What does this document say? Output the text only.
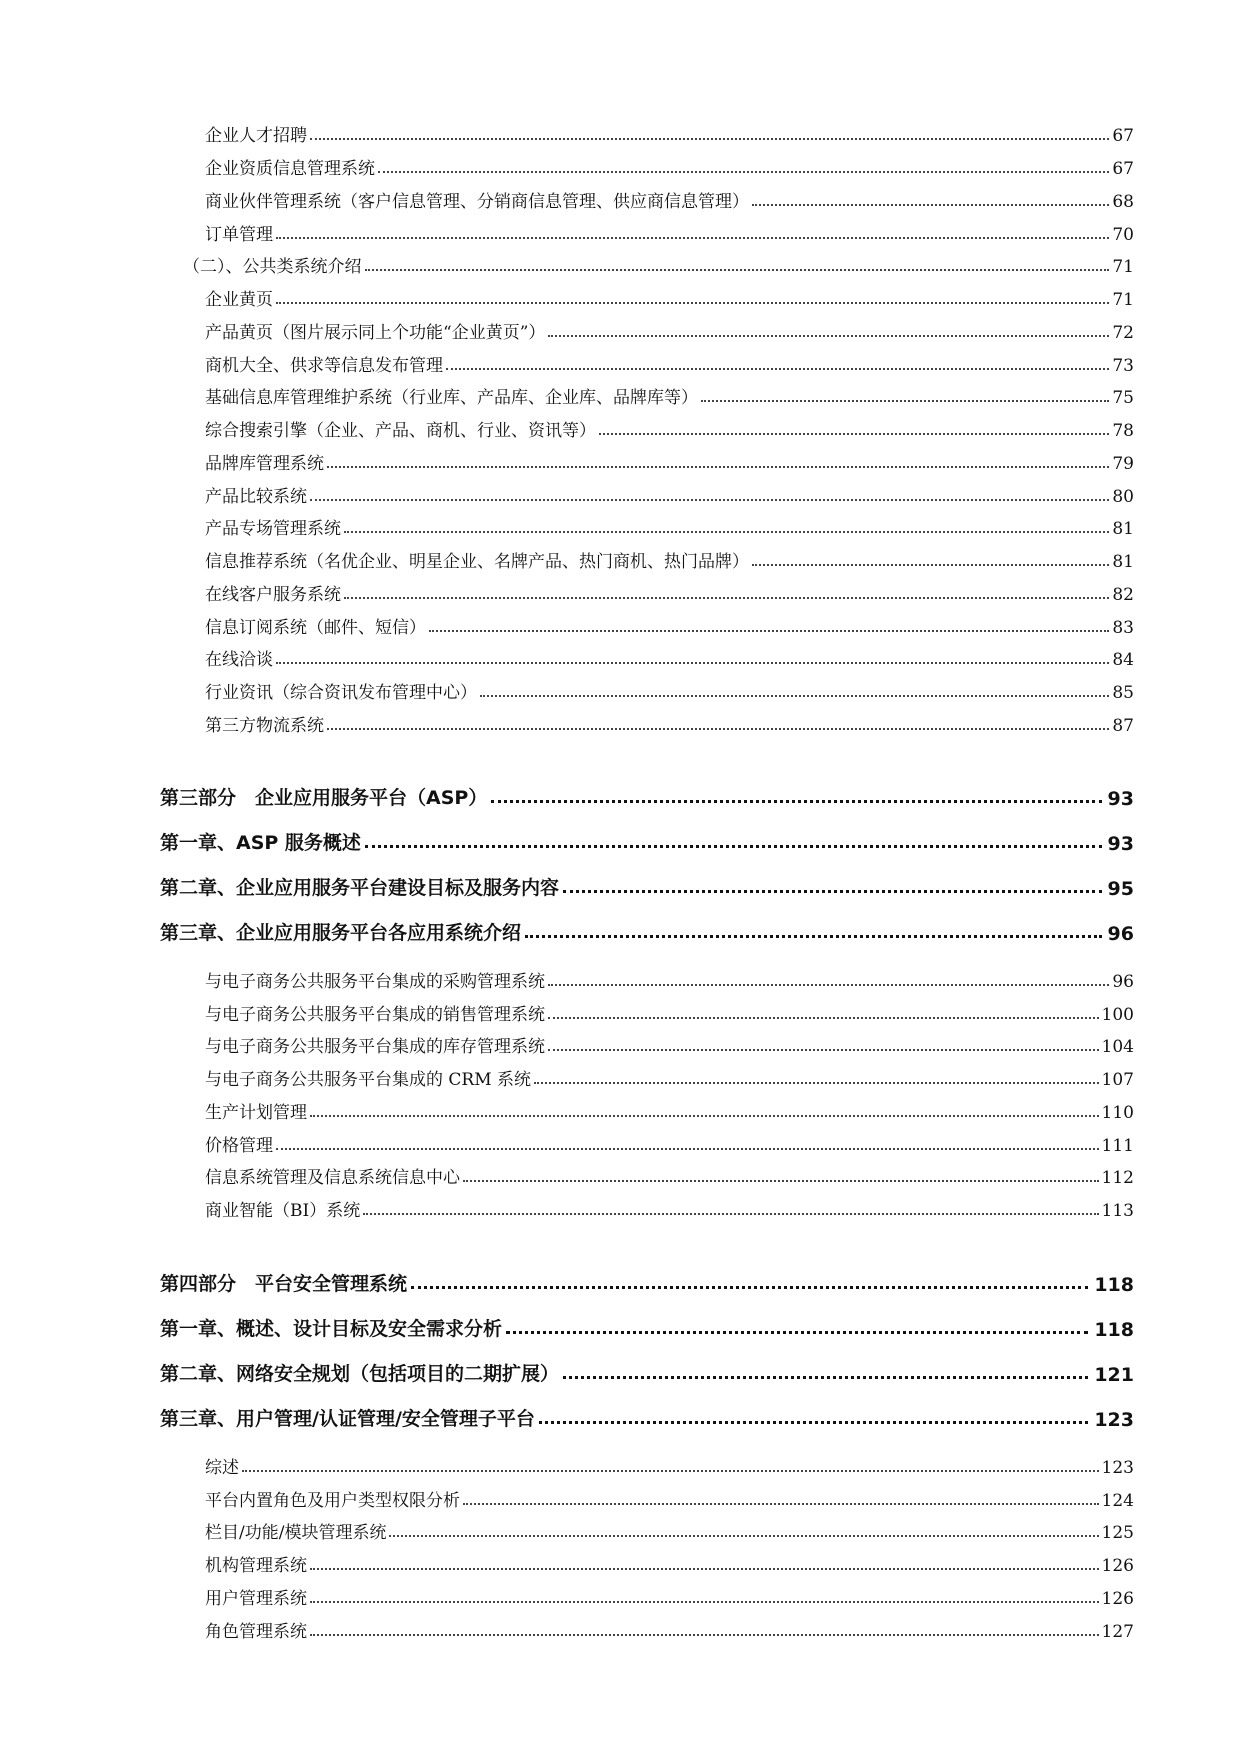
企业人才招聘	67
企业资质信息管理系统	67
商业伙伴管理系统（客户信息管理、分销商信息管理、供应商信息管理）	68
订单管理	70
（二）、公共类系统介绍	71
企业黄页	71
产品黄页（图片展示同上个功能“企业黄页”）	72
商机大全、供求等信息发布管理	73
基础信息库管理维护系统（行业库、产品库、企业库、品牌库等）	75
综合搜索引擎（企业、产品、商机、行业、资讯等）	78
品牌库管理系统	79
产品比较系统	80
产品专场管理系统	81
信息推荐系统（名优企业、明星企业、名牌产品、热门商机、热门品牌）	81
在线客户服务系统	82
信息订阅系统（邮件、短信）	83
在线洽谈	84
行业资讯（综合资讯发布管理中心）	85
第三方物流系统	87
第三部分　企业应用服务平台（ASP）	93
第一章、ASP 服务概述	93
第二章、企业应用服务平台建设目标及服务内容	95
第三章、企业应用服务平台各应用系统介绍	96
与电子商务公共服务平台集成的采购管理系统	96
与电子商务公共服务平台集成的销售管理系统	100
与电子商务公共服务平台集成的库存管理系统	104
与电子商务公共服务平台集成的 CRM 系统	107
生产计划管理	110
价格管理	111
信息系统管理及信息系统信息中心	112
商业智能（BI）系统	113
第四部分　平台安全管理系统	118
第一章、概述、设计目标及安全需求分析	118
第二章、网络安全规划（包括项目的二期扩展）	121
第三章、用户管理/认证管理/安全管理子平台	123
综述	123
平台内置角色及用户类型权限分析	124
栏目/功能/模块管理系统	125
机构管理系统	126
用户管理系统	126
角色管理系统	127
